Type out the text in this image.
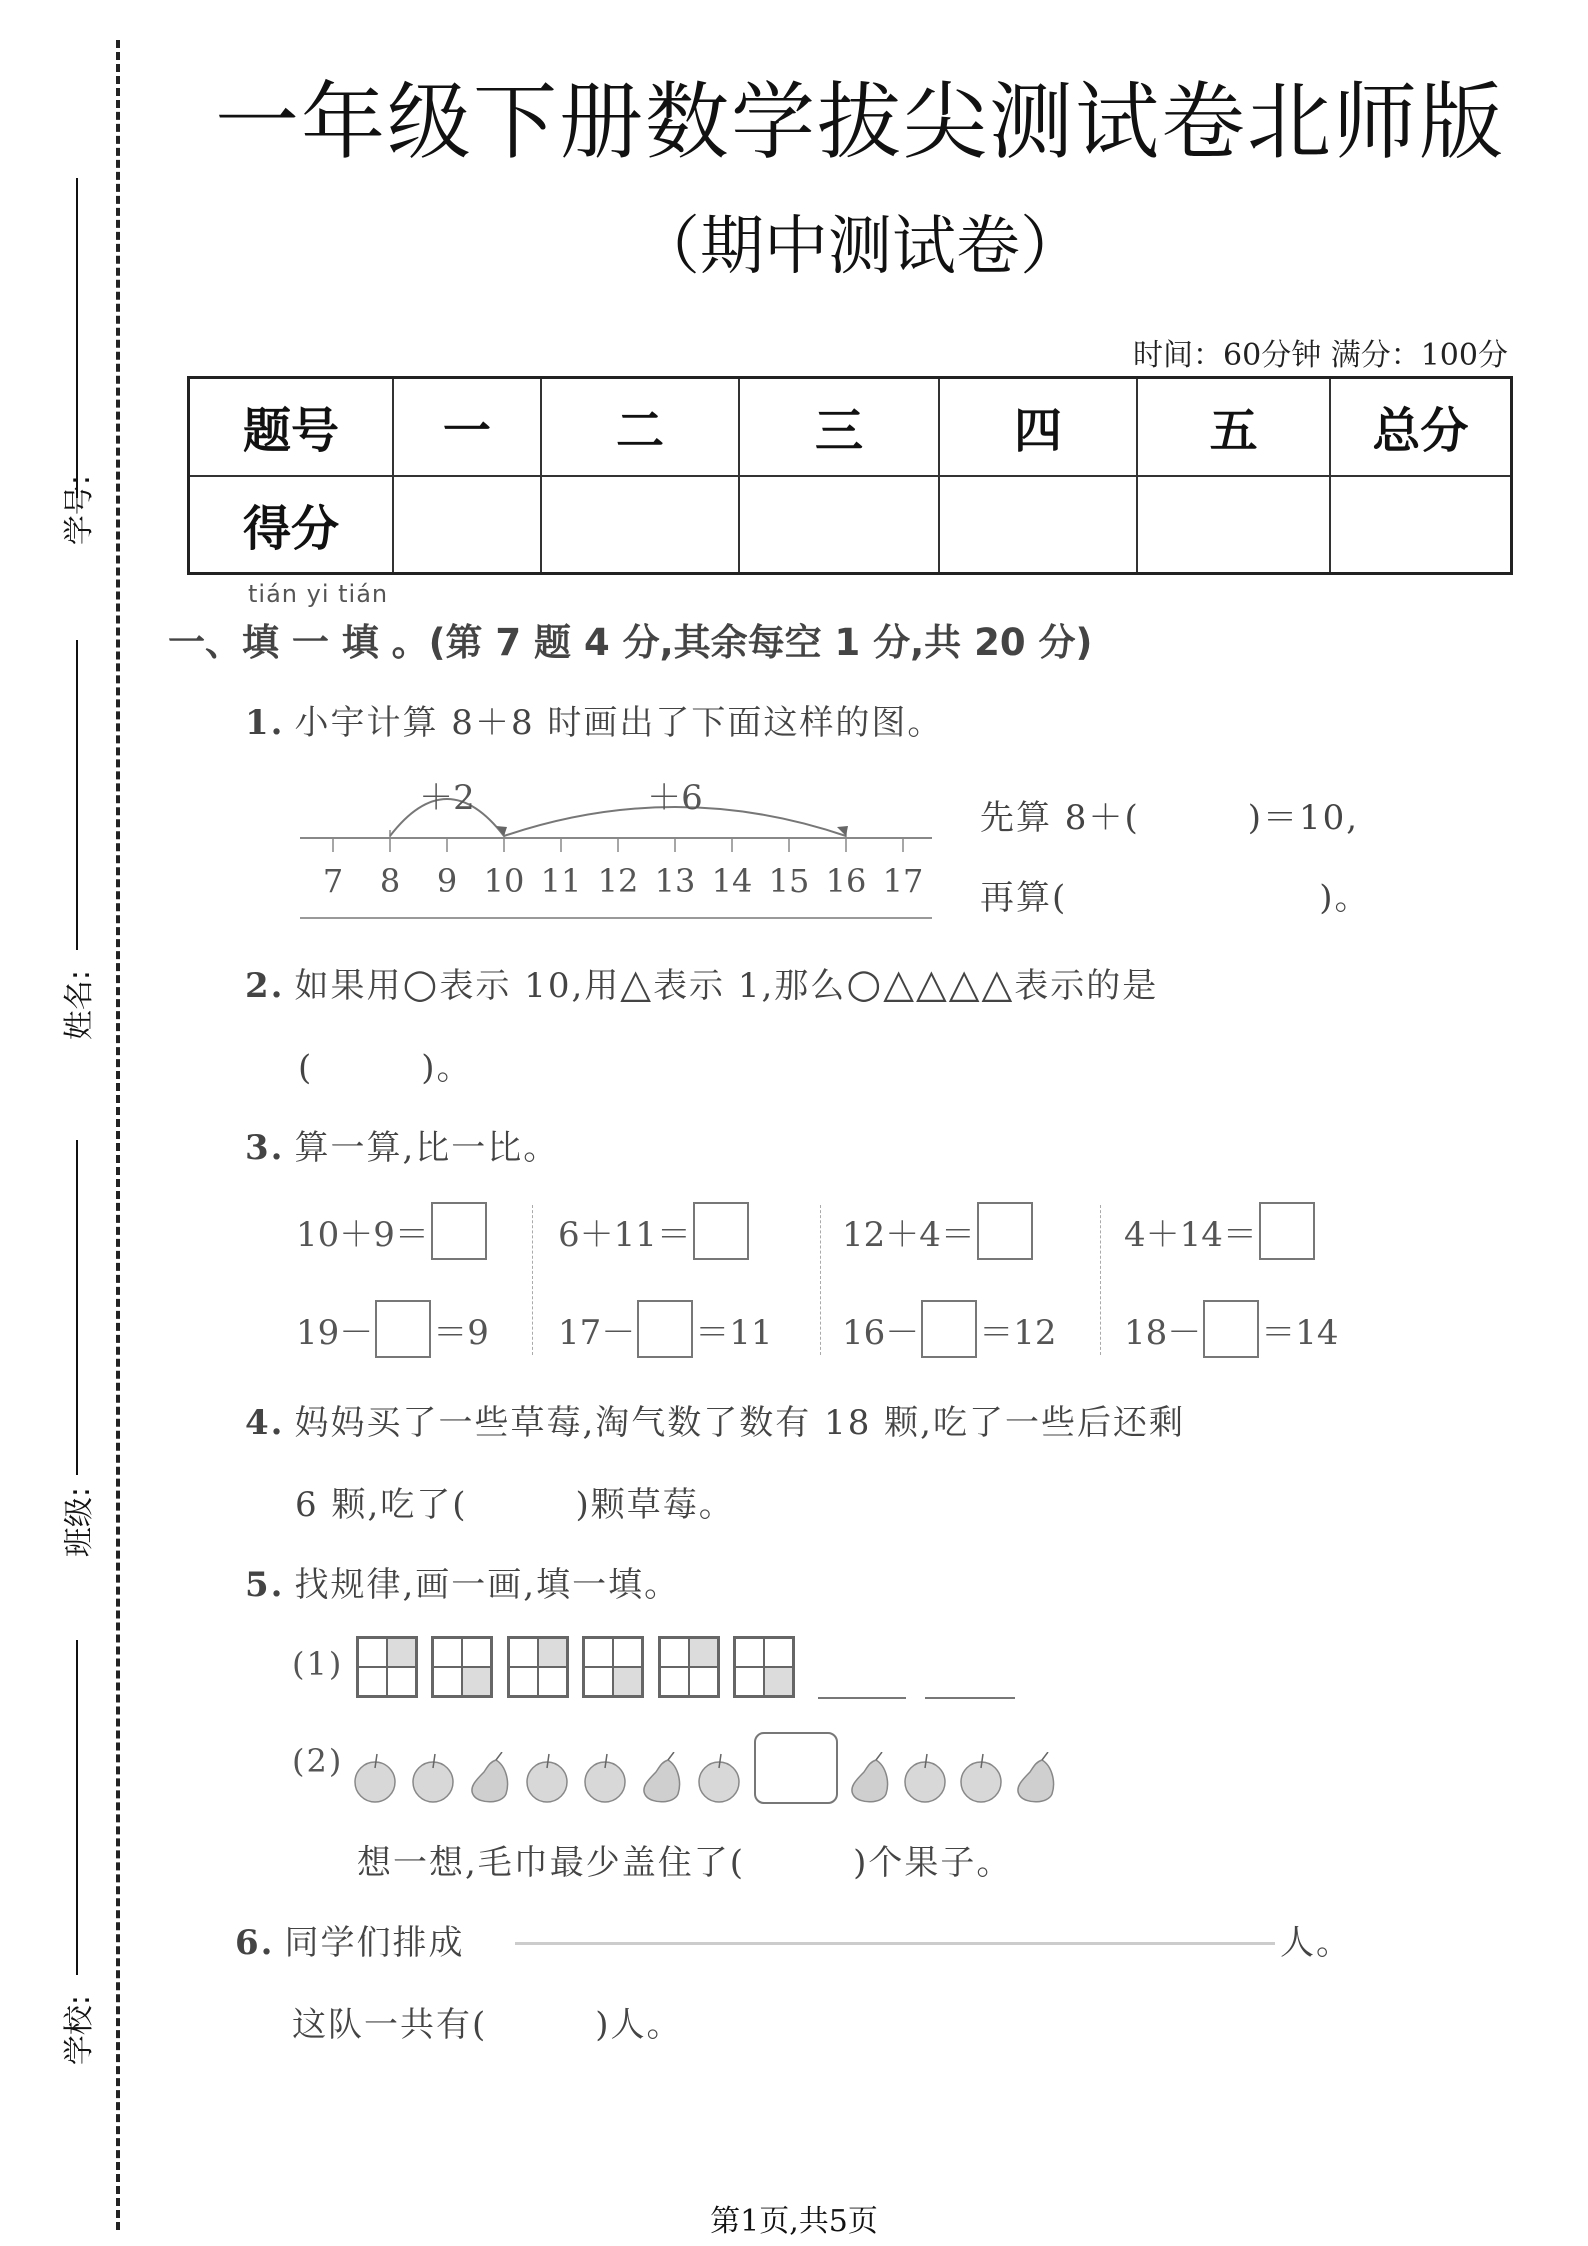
学号:
姓名:
班级:
学校:
一年级下册数学拔尖测试卷北师版
（期中测试卷）
时间：60分钟 满分：100分
题号	一	二	三	四	五	总分
得分						
tián yi tián
一、填 一 填 。(第 7 题 4 分,其余每空 1 分,共 20 分)
1. 小宇计算 8＋8 时画出了下面这样的图。
＋2	＋6
7 8 9 10 11 12 13 14 15 16 17
先算 8＋(　　　)＝10,
再算(　　　　　　　)。
2. 如果用○表示 10,用△表示 1,那么○△△△△表示的是
(　　　)。
3. 算一算,比一比。
10＋9＝	6＋11＝	12＋4＝	4＋14＝
19－ ＝9 17－ ＝11 16－ ＝12 18－ ＝14
4. 妈妈买了一些草莓,淘气数了数有 18 颗,吃了一些后还剩
6 颗,吃了(　　　)颗草莓。
5. 找规律,画一画,填一填。
(1)
(2)
想一想,毛巾最少盖住了(　　　)个果子。
6. 同学们排成	人。
这队一共有(　　　)人。
第1页,共5页
